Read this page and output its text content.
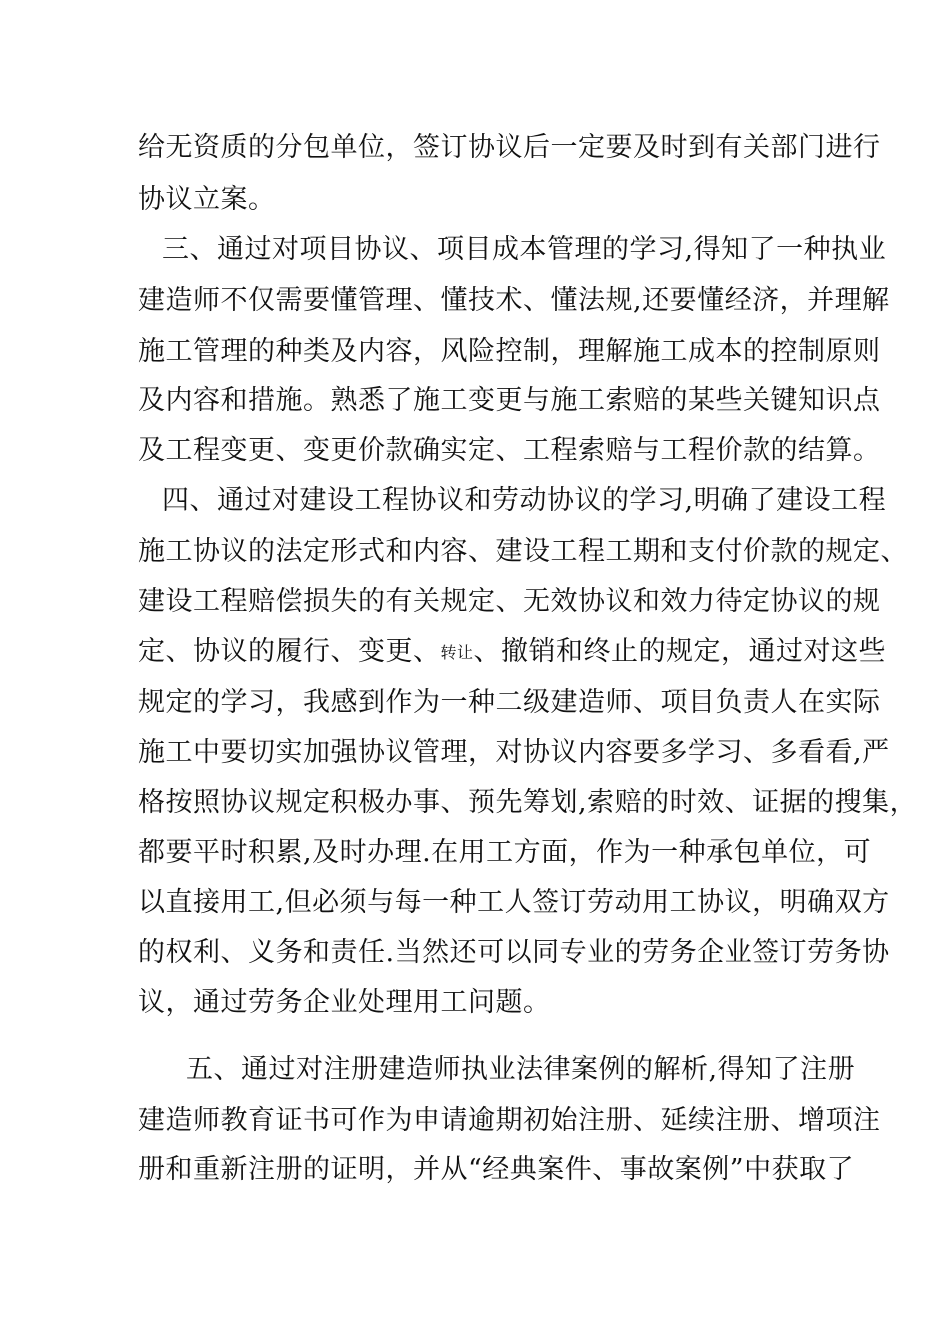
给无资质的分包单位，签订协议后一定要及时到有关部门进行
协议立案。
三、通过对项目协议、项目成本管理的学习,得知了一种执业
建造师不仅需要懂管理、懂技术、懂法规,还要懂经济，并理解
施工管理的种类及内容，风险控制，理解施工成本的控制原则
及内容和措施。熟悉了施工变更与施工索赔的某些关键知识点
及工程变更、变更价款确实定、工程索赔与工程价款的结算。
四、通过对建设工程协议和劳动协议的学习,明确了建设工程
施工协议的法定形式和内容、建设工程工期和支付价款的规定、
建设工程赔偿损失的有关规定、无效协议和效力待定协议的规
定、协议的履行、变更、转让、撤销和终止的规定，通过对这些
规定的学习，我感到作为一种二级建造师、项目负责人在实际
施工中要切实加强协议管理，对协议内容要多学习、多看看,严
格按照协议规定积极办事、预先筹划,索赔的时效、证据的搜集，
都要平时积累,及时办理.在用工方面，作为一种承包单位，可
以直接用工,但必须与每一种工人签订劳动用工协议，明确双方
的权利、义务和责任.当然还可以同专业的劳务企业签订劳务协
议，通过劳务企业处理用工问题。
五、通过对注册建造师执业法律案例的解析,得知了注册
建造师教育证书可作为申请逾期初始注册、延续注册、增项注
册和重新注册的证明，并从“经典案件、事故案例”中获取了
